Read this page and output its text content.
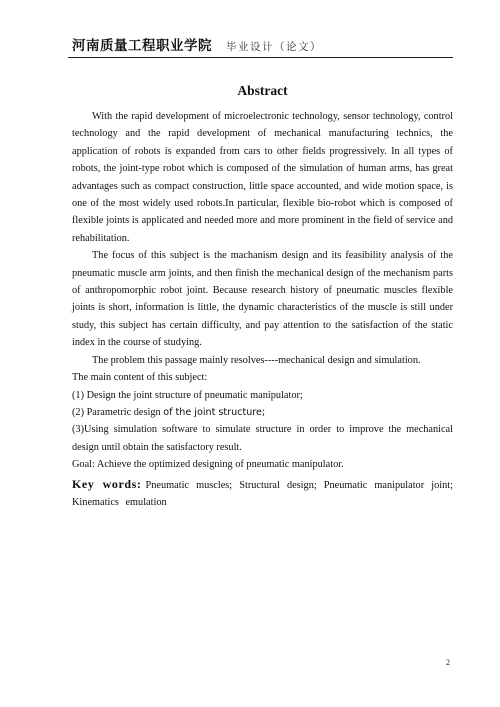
河南质量工程职业学院 毕业设计（论文）
Abstract

With the rapid development of microelectronic technology, sensor technology, control technology and the rapid development of mechanical manufacturing technics, the application of robots is expanded from cars to other fields progressively. In all types of robots, the joint-type robot which is composed of the simulation of human arms, has great advantages such as compact construction, little space accounted, and wide motion space, is one of the most widely used robots.In particular, flexible bio-robot which is composed of flexible joints is applicated and needed more and more prominent in the field of service and rehabilitation.

The focus of this subject is the machanism design and its feasibility analysis of the pneumatic muscle arm joints, and then finish the mechanical design of the mechanism parts of anthropomorphic robot joint. Because research history of pneumatic muscles flexible joints is short, information is little, the dynamic characteristics of the muscle is still under study, this subject has certain difficulty, and pay attention to the satisfaction of the static index in the course of studying.

The problem this passage mainly resolves----mechanical design and simulation.

The main content of this subject:

(1) Design the joint structure of pneumatic manipulator;

(2) Parametric design of the joint structure;

(3)Using simulation software to simulate structure in order to improve the mechanical design until obtain the satisfactory result.

Goal: Achieve the optimized designing of pneumatic manipulator.

Key words: Pneumatic muscles; Structural design; Pneumatic manipulator joint; Kinematics emulation

2
